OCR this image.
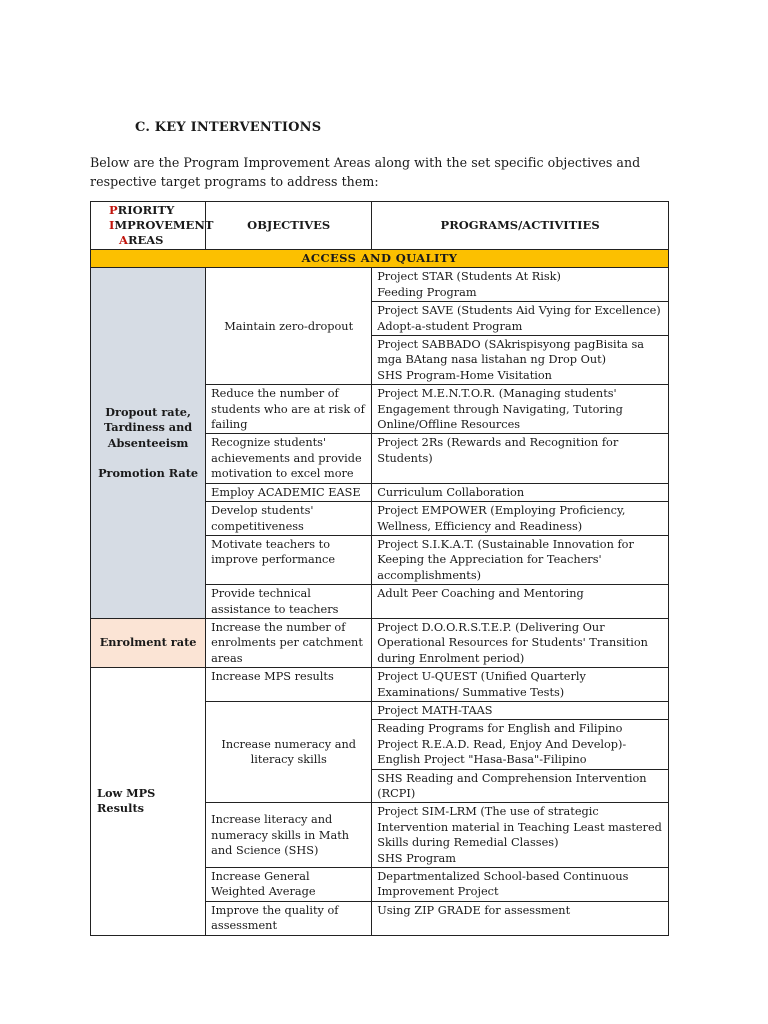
C. KEY INTERVENTIONS
Below are the Program Improvement Areas along with the set specific objectives and respective target programs to address them:
PRIORITY
IMPROVEMENT
AREAS	OBJECTIVES	PROGRAMS/ACTIVITIES
ACCESS AND QUALITY		

Dropout rate,
Tardiness and
Absenteeism
Promotion Rate	Maintain zero-dropout	Project STAR (Students At Risk)
Feeding Program

		Project SAVE (Students Aid Vying for Excellence)
Adopt-a-student Program

		Project SABBADO (SAkrispisyong pagBisita sa mga BAtang nasa listahan ng Drop Out)
SHS Program-Home Visitation

	Reduce the number of students who are at risk of failing	Project M.E.N.T.O.R. (Managing students' Engagement through Navigating, Tutoring Online/Offline Resources
	Recognize students' achievements and provide motivation to excel more	Project 2Rs (Rewards and Recognition for Students)
	Employ ACADEMIC EASE	Curriculum Collaboration
	Develop students' competitiveness	Project EMPOWER (Employing Proficiency, Wellness, Efficiency and Readiness)
	Motivate teachers to improve performance	Project S.I.K.A.T. (Sustainable Innovation for Keeping the Appreciation for Teachers' accomplishments)
	Provide technical assistance to teachers	Adult Peer Coaching and Mentoring
Enrolment rate	Increase the number of enrolments per catchment areas	Project D.O.O.R.S.T.E.P. (Delivering Our Operational Resources for Students' Transition during Enrolment period)

Low MPS
Results	Increase MPS results	Project U-QUEST (Unified Quarterly Examinations/ Summative Tests)
	Increase numeracy and literacy skills	Project MATH-TAAS
		Reading Programs for English and Filipino Project R.E.A.D. Read, Enjoy And Develop)-English Project "Hasa-Basa"-Filipino
		SHS Reading and Comprehension Intervention (RCPI)
	Increase literacy and numeracy skills in Math and Science (SHS)	Project SIM-LRM (The use of strategic Intervention material in Teaching Least mastered Skills during Remedial Classes)
SHS Program

	Increase General Weighted Average	Departmentalized School-based Continuous Improvement Project
	Improve the quality of assessment	Using ZIP GRADE for assessment
